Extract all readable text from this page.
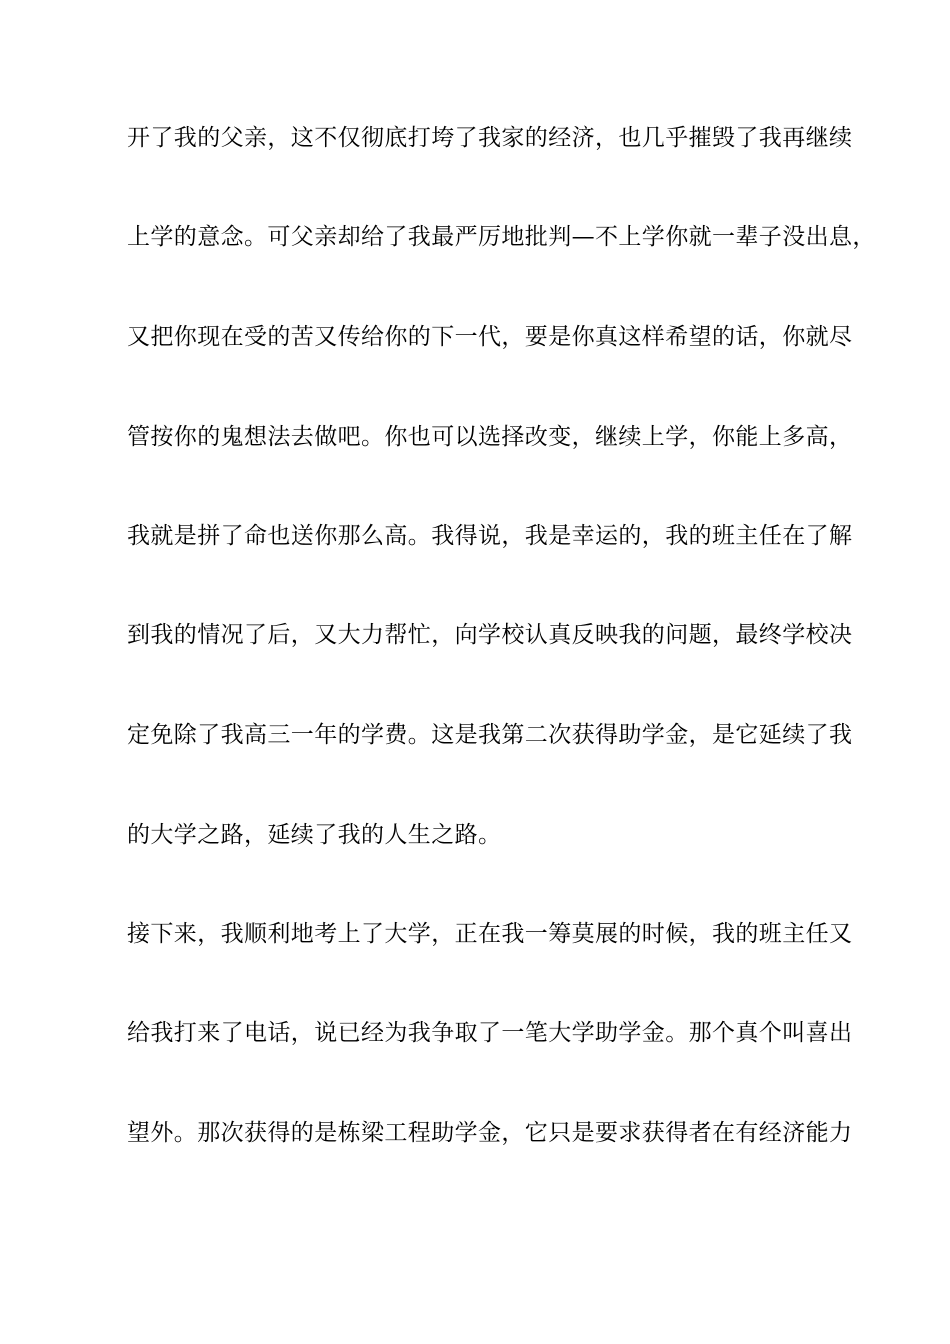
开了我的父亲，这不仅彻底打垮了我家的经济，也几乎摧毁了我再继续
上学的意念。可父亲却给了我最严厉地批判—不上学你就一辈子没出息，
又把你现在受的苦又传给你的下一代，要是你真这样希望的话，你就尽
管按你的鬼想法去做吧。你也可以选择改变，继续上学，你能上多高，
我就是拼了命也送你那么高。我得说，我是幸运的，我的班主任在了解
到我的情况了后，又大力帮忙，向学校认真反映我的问题，最终学校决
定免除了我高三一年的学费。这是我第二次获得助学金，是它延续了我
的大学之路，延续了我的人生之路。
接下来，我顺利地考上了大学，正在我一筹莫展的时候，我的班主任又
给我打来了电话，说已经为我争取了一笔大学助学金。那个真个叫喜出
望外。那次获得的是栋梁工程助学金，它只是要求获得者在有经济能力
